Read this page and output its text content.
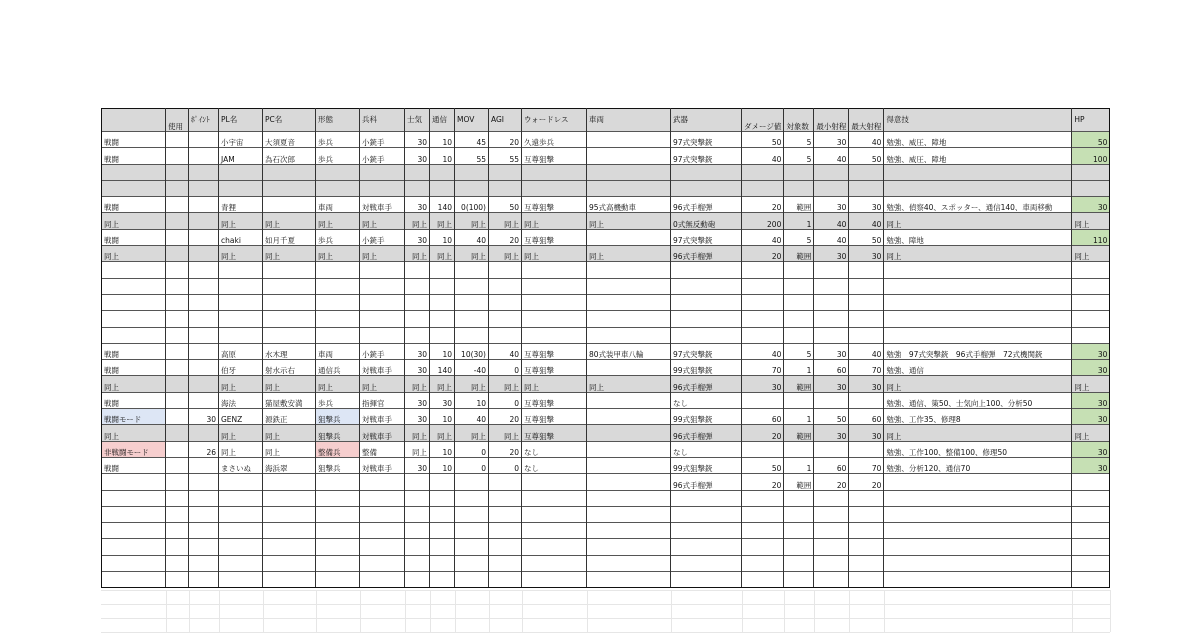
	使用	ﾎﾟｲﾝﾄ	PL名	PC名	形態	兵科	士気	通信	MOV	AGI	ウォードレス	車両	武器	ダメージ値	対象数	最小射程	最大射程	得意技	HP
戦闘			小宇宙	大須夏音	歩兵	小銃手	30	10	45	20	久遠歩兵		97式突撃銃	50	5	30	40	勉強、威圧、障地	50
戦闘			JAM	為石次郎	歩兵	小銃手	30	10	55	55	互尊狙撃		97式突撃銃	40	5	40	50	勉強、威圧、障地	100

戦闘			青狸		車両	対戦車手	30	140	0(100)	50	互尊狙撃	95式高機動車	96式手榴弾	20	範囲	30	30	勉強、偵察40、スポッター、通信140、車両移動	30
同上			同上	同上	同上	同上	同上	同上	同上	同上	同上	同上	0式無反動砲	200	1	40	40	同上	同上
戦闘			chaki	如月千夏	歩兵	小銃手	30	10	40	20	互尊狙撃		97式突撃銃	40	5	40	50	勉強、障地	110
同上			同上	同上	同上	同上	同上	同上	同上	同上	同上	同上	96式手榴弾	20	範囲	30	30	同上	同上

戦闘			高原	水木理	車両	小銃手	30	10	10(30)	40	互尊狙撃	80式装甲車八輪	97式突撃銃	40	5	30	40	勉強　97式突撃銃　96式手榴弾　72式機関銃	30
戦闘			伯牙	射水示右	通信兵	対戦車手	30	140	-40	0	互尊狙撃		99式狙撃銃	70	1	60	70	勉強、通信	30
同上			同上	同上	同上	同上	同上	同上	同上	同上	同上	同上	96式手榴弾	30	範囲	30	30	同上	同上
戦闘			海法	猫屋敷安満	歩兵	指揮官	30	30	10	0	互尊狙撃		なし					勉強、通信、策50、士気向上100、分析50	30
戦闘モード		30	GENZ	源鉄正	狙撃兵	対戦車手	30	10	40	20	互尊狙撃		99式狙撃銃	60	1	50	60	勉強、工作35、修理8	30
同上			同上	同上	狙撃兵	対戦車手	同上	同上	同上	同上	互尊狙撃		96式手榴弾	20	範囲	30	30	同上	同上
非戦闘モード		26	同上	同上	整備兵	整備	同上	10	0	20	なし		なし					勉強、工作100、整備100、修理50	30
戦闘			まさいぬ	海浜翠	狙撃兵	対戦車手	30	10	0	0	なし		99式狙撃銃	50	1	60	70	勉強、分析120、通信70	30
													96式手榴弾	20	範囲	20	20		
